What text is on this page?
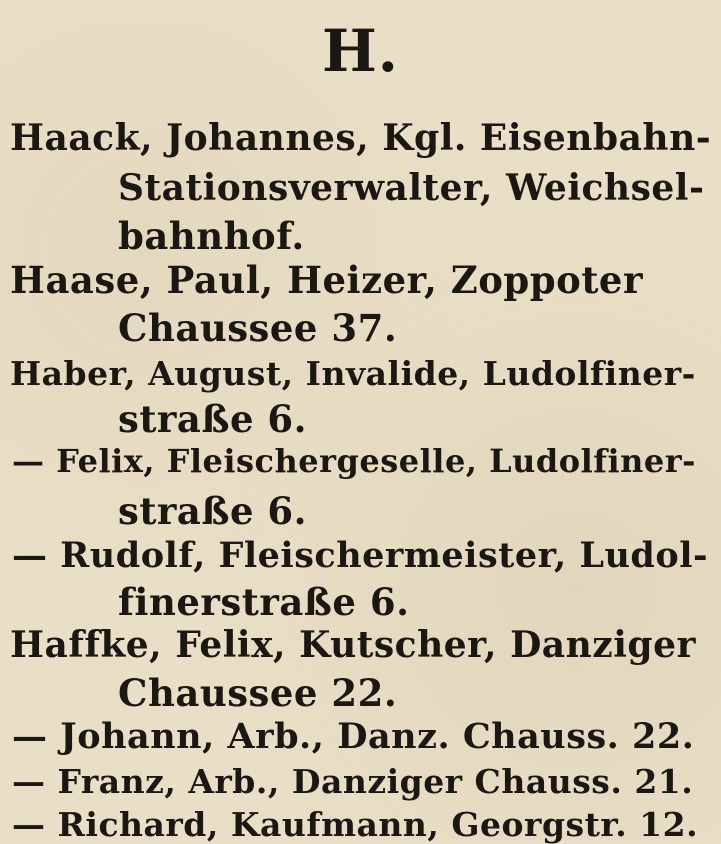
H.
Haack, Johannes, Kgl. Eisenbahn-
Stationsverwalter, Weichsel-
bahnhof.
Haase, Paul, Heizer, Zoppoter
Chaussee 37.
Haber, August, Invalide, Ludolfiner-
straße 6.
— Felix, Fleischergeselle, Ludolfiner-
straße 6.
— Rudolf, Fleischermeister, Ludol-
finerstraße 6.
Haffke, Felix, Kutscher, Danziger
Chaussee 22.
— Johann, Arb., Danz. Chauss. 22.
— Franz, Arb., Danziger Chauss. 21.
— Richard, Kaufmann, Georgstr. 12.
